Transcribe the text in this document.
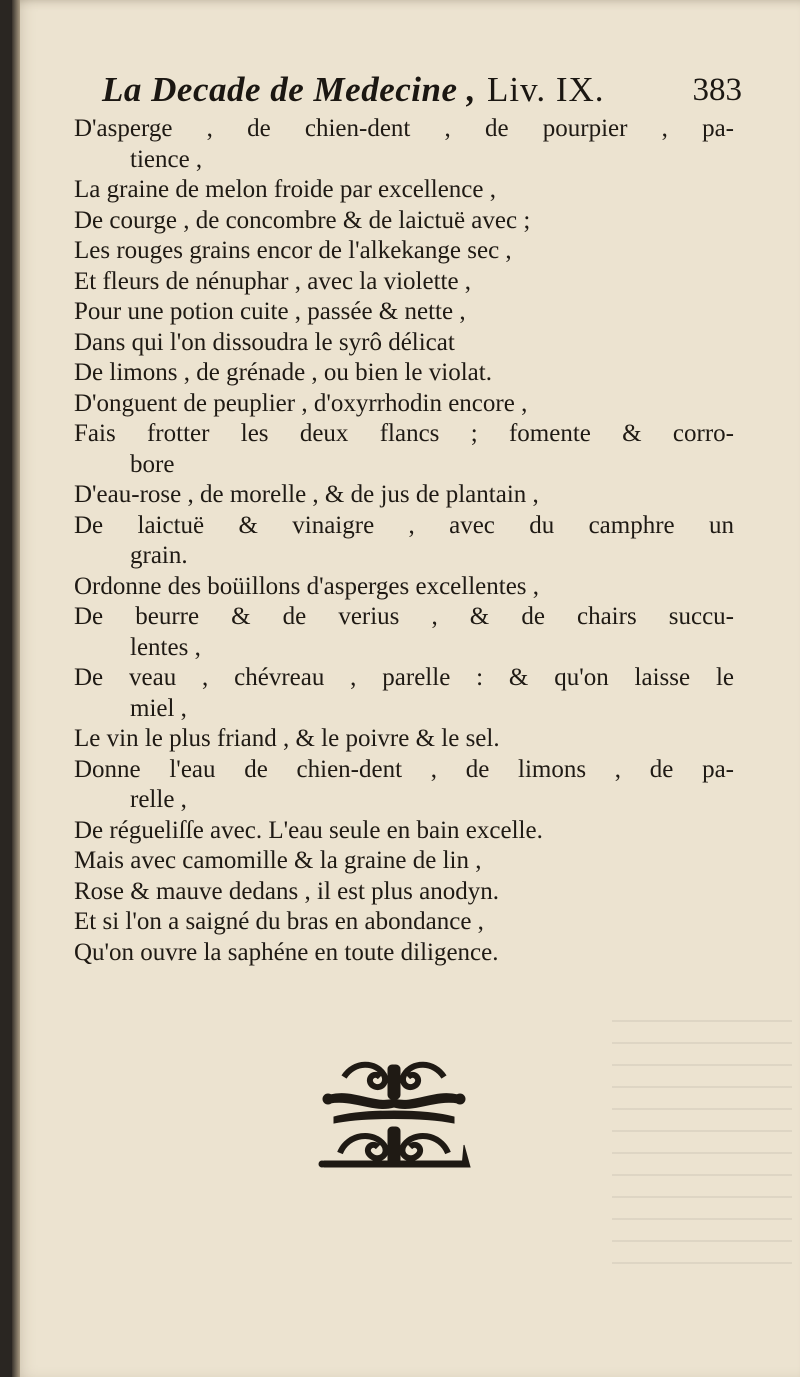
La Decade de Medecine , Liv. IX.	383
D'asperge , de chien-dent , de pourpier , pa-
tience ,
La graine de melon froide par excellence ,
De courge , de concombre & de laictuë avec ;
Les rouges grains encor de l'alkekange sec ,
Et fleurs de nénuphar , avec la violette ,
Pour une potion cuite , passée & nette ,
Dans qui l'on dissoudra le syrô délicat
De limons , de grénade , ou bien le violat.
D'onguent de peuplier , d'oxyrrhodin encore ,
Fais frotter les deux flancs ; fomente & corro-
bore
D'eau-rose , de morelle , & de jus de plantain ,
De laictuë & vinaigre , avec du camphre un
grain.
Ordonne des boüillons d'asperges excellentes ,
De beurre & de verius , & de chairs succu-
lentes ,
De veau , chévreau , parelle : & qu'on laisse le
miel ,
Le vin le plus friand , & le poivre & le sel.
Donne l'eau de chien-dent , de limons , de pa-
relle ,
De régueliſſe avec. L'eau seule en bain excelle.
Mais avec camomille & la graine de lin ,
Rose & mauve dedans , il est plus anodyn.
Et si l'on a saigné du bras en abondance ,
Qu'on ouvre la saphéne en toute diligence.
